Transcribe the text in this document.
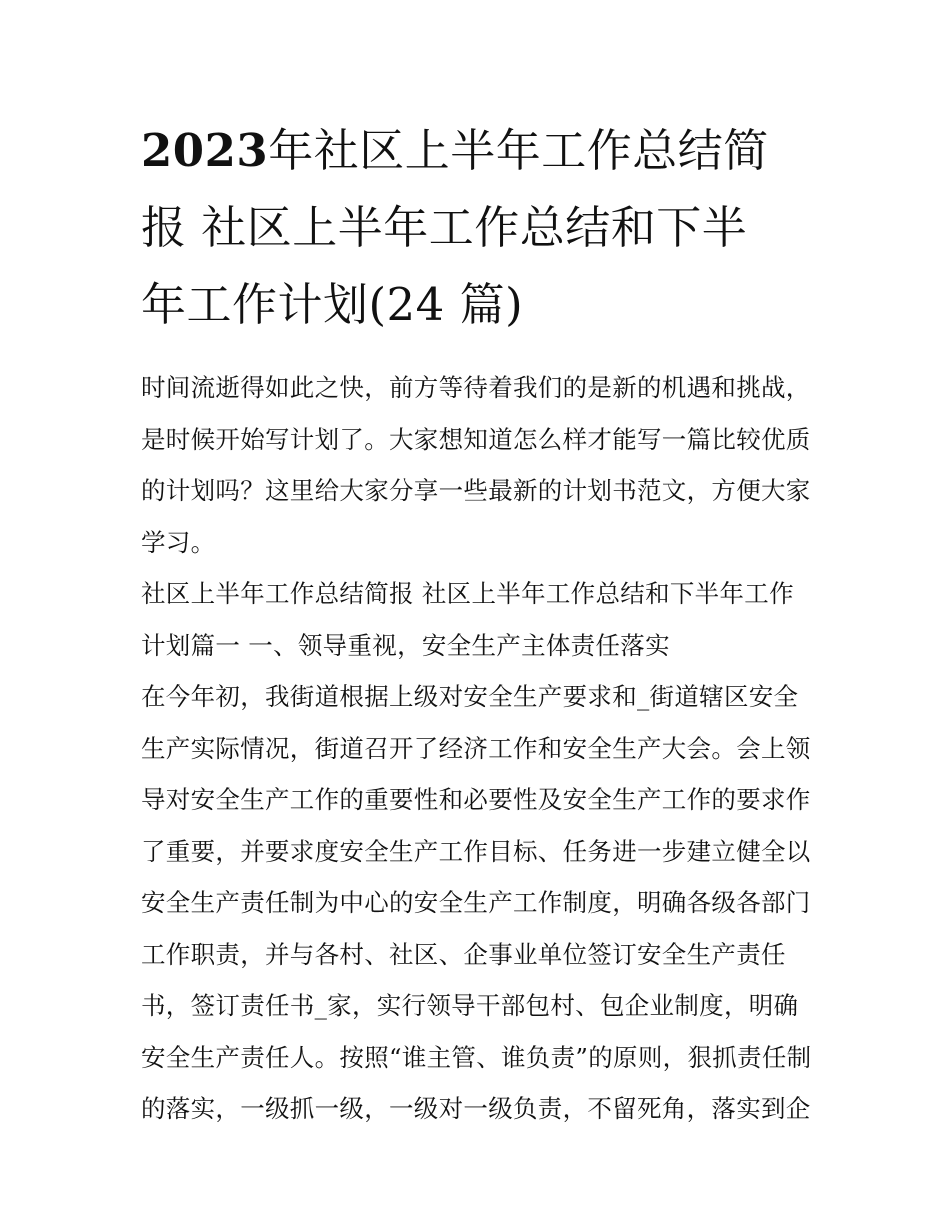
2023年社区上半年工作总结简
报 社区上半年工作总结和下半
年工作计划(24 篇)

时间流逝得如此之快，前方等待着我们的是新的机遇和挑战，

是时候开始写计划了。大家想知道怎么样才能写一篇比较优质

的计划吗？这里给大家分享一些最新的计划书范文，方便大家

学习。

社区上半年工作总结简报 社区上半年工作总结和下半年工作

计划篇一 一、领导重视，安全生产主体责任落实

在今年初，我街道根据上级对安全生产要求和_街道辖区安全

生产实际情况，街道召开了经济工作和安全生产大会。会上领

导对安全生产工作的重要性和必要性及安全生产工作的要求作

了重要，并要求度安全生产工作目标、任务进一步建立健全以

安全生产责任制为中心的安全生产工作制度，明确各级各部门

工作职责，并与各村、社区、企事业单位签订安全生产责任

书，签订责任书_家，实行领导干部包村、包企业制度，明确

安全生产责任人。按照“谁主管、谁负责”的原则，狠抓责任制

的落实，一级抓一级，一级对一级负责，不留死角，落实到企
